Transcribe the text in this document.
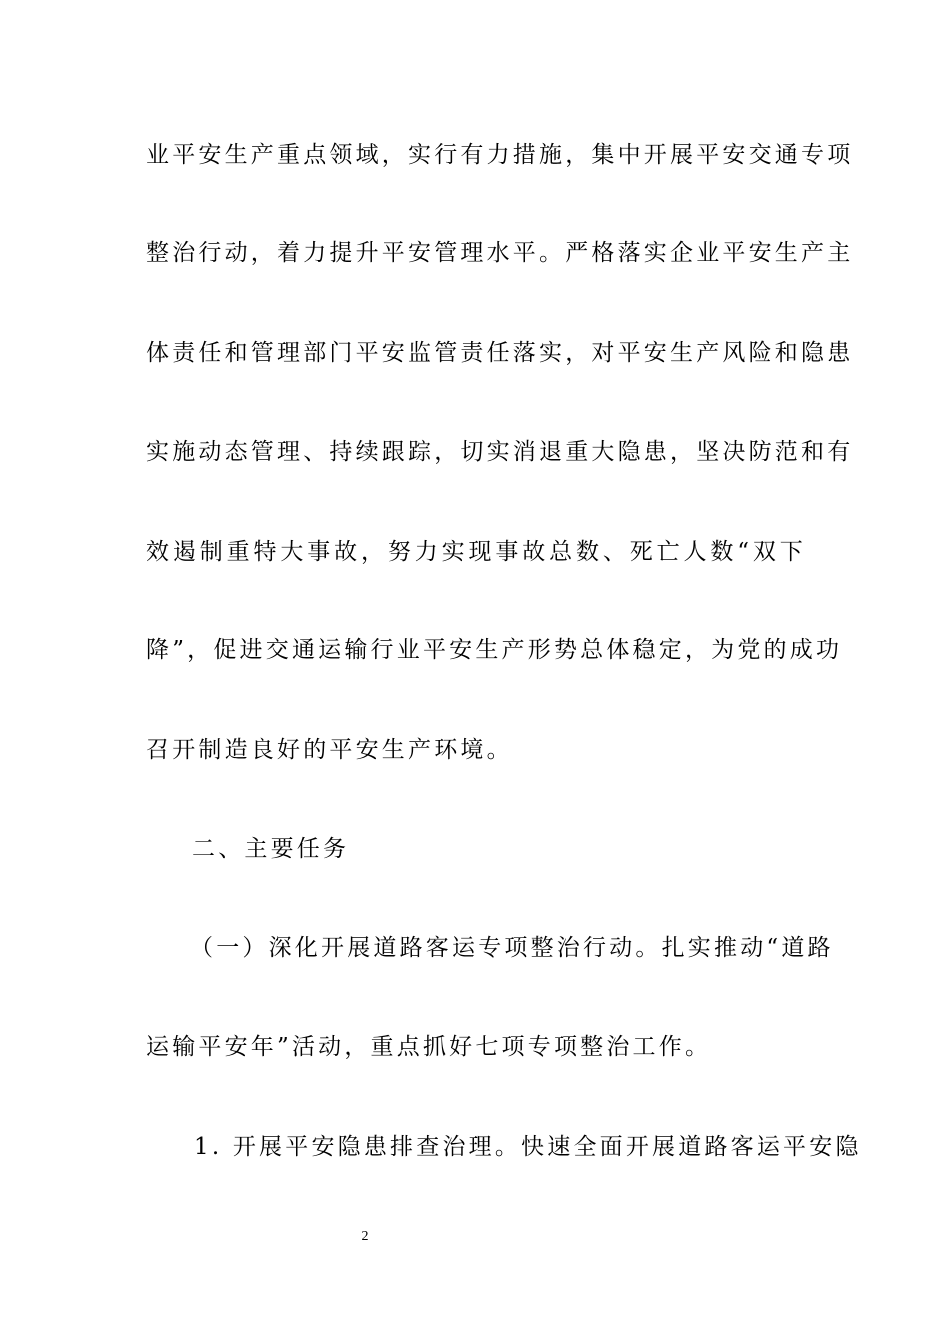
业平安生产重点领域，实行有力措施，集中开展平安交通专项
整治行动，着力提升平安管理水平。严格落实企业平安生产主
体责任和管理部门平安监管责任落实，对平安生产风险和隐患
实施动态管理、持续跟踪，切实消退重大隐患，坚决防范和有
效遏制重特大事故，努力实现事故总数、死亡人数“双下
降”，促进交通运输行业平安生产形势总体稳定，为党的成功
召开制造良好的平安生产环境。
二、主要任务
（一）深化开展道路客运专项整治行动。扎实推动“道路
运输平安年”活动，重点抓好七项专项整治工作。
1. 开展平安隐患排查治理。快速全面开展道路客运平安隐
2
